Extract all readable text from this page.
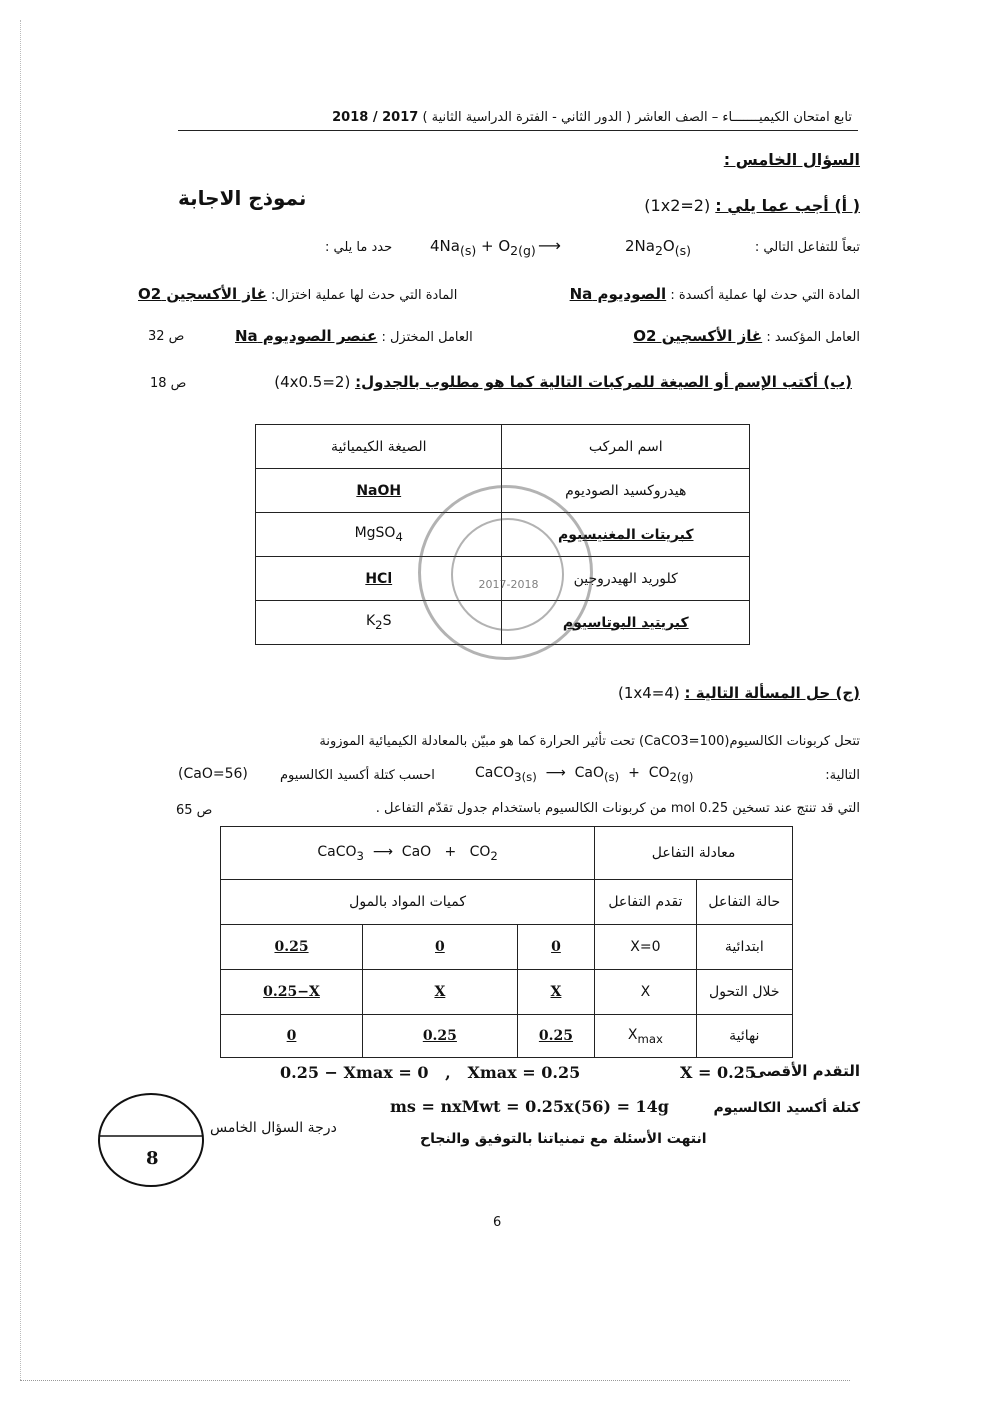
تابع امتحان الكيميـــــــاء – الصف العاشر ( الدور الثاني - الفترة الدراسية الثانية ) 2018 / 2017
السؤال الخامس :
نموذج الاجابة	( أ) أجب عما يلي : (1x2=2)
تبعاً للتفاعل التالي :
$2Na_2O_{(s)}$
⟶
$4Na_{(s)} + O_{2(g)}$
حدد ما يلي :
المادة التي حدث لها عملية أكسدة : الصوديوم Na
المادة التي حدث لها عملية اختزال: غاز الأكسجين O2
العامل المؤكسد : غاز الأكسجين O2
العامل المختزل : عنصر الصوديوم Na
ص 32
(ب) أكتب الإسم أو الصيغة للمركبات التالية كما هو مطلوب بالجدول: (4x0.5=2)
ص 18
الصيغة الكيميائية	اسم المركب
NaOH	هيدروكسيد الصوديوم
MgSO$_4$	كبريتات المغنيسيوم
HCl	كلوريد الهيدروجين
$K_2S$	كبريتيد البوتاسيوم
2017-2018
(ج) حل المسألة التالية : (1x4=4)
تتحل كربونات الكالسيوم(CaCO3=100) تحت تأثير الحرارة كما هو مبيّن بالمعادلة الكيميائية الموزونة
التالية:
CaCO$_{3(s)}$  ⟶  $CaO_{(s)} + CO_{2(g)}$
احسب كتلة أكسيد الكالسيوم
(CaO=56)
التي قد تنتج عند تسخين 0.25 mol من كربونات الكالسيوم باستخدام جدول تقدّم التفاعل .
ص 65
CaCO$_3$  ⟶  CaO   +   $CO_2$			معادلة التفاعل	
كميات المواد بالمول			تقدم التفاعل	حالة التفاعل
0.25	0	0	X=0	ابتدائية
0.25−X	X	X	X	خلال التحول
0	0.25	0.25	$X_{max}$	نهائية
التقدم الأقصى
X = 0.25
0.25 − Xmax = 0   ,   Xmax = 0.25
كتلة أكسيد الكالسيوم
ms = nxMwt = 0.25x(56) = 14g
انتهت الأسئلة مع تمنياتنا بالتوفيق والنجاح
8
درجة السؤال الخامس
6
